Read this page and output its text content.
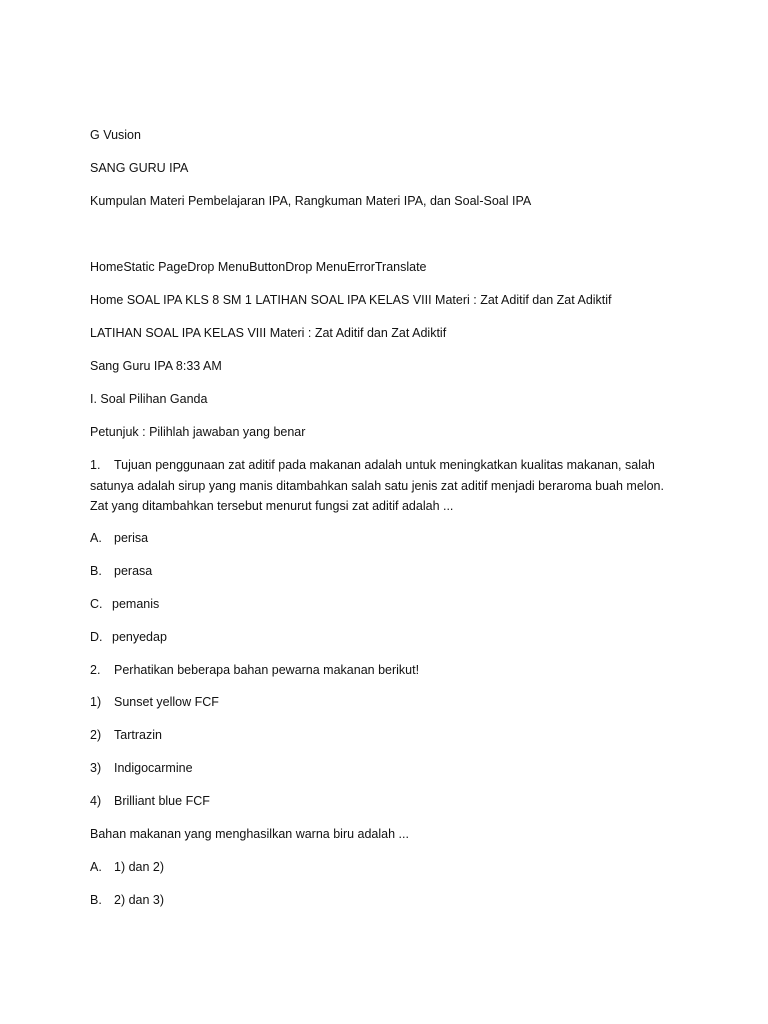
G Vusion
SANG GURU IPA
Kumpulan Materi Pembelajaran IPA, Rangkuman Materi IPA, dan Soal-Soal IPA
HomeStatic PageDrop MenuButtonDrop MenuErrorTranslate
Home SOAL IPA KLS 8 SM 1 LATIHAN SOAL IPA KELAS VIII Materi : Zat Aditif dan Zat Adiktif
LATIHAN SOAL IPA KELAS VIII Materi : Zat Aditif dan Zat Adiktif
Sang Guru IPA 8:33 AM
I. Soal Pilihan Ganda
Petunjuk : Pilihlah jawaban yang benar
1. Tujuan penggunaan zat aditif pada makanan adalah untuk meningkatkan kualitas makanan, salah
satunya adalah sirup yang manis ditambahkan salah satu jenis zat aditif menjadi beraroma buah melon.
Zat yang ditambahkan tersebut menurut fungsi zat aditif adalah ...
A. perisa
B. perasa
C. pemanis
D. penyedap
2. Perhatikan beberapa bahan pewarna makanan berikut!
1) Sunset yellow FCF
2) Tartrazin
3) Indigocarmine
4) Brilliant blue FCF
Bahan makanan yang menghasilkan warna biru adalah ...
A. 1) dan 2)
B. 2) dan 3)
